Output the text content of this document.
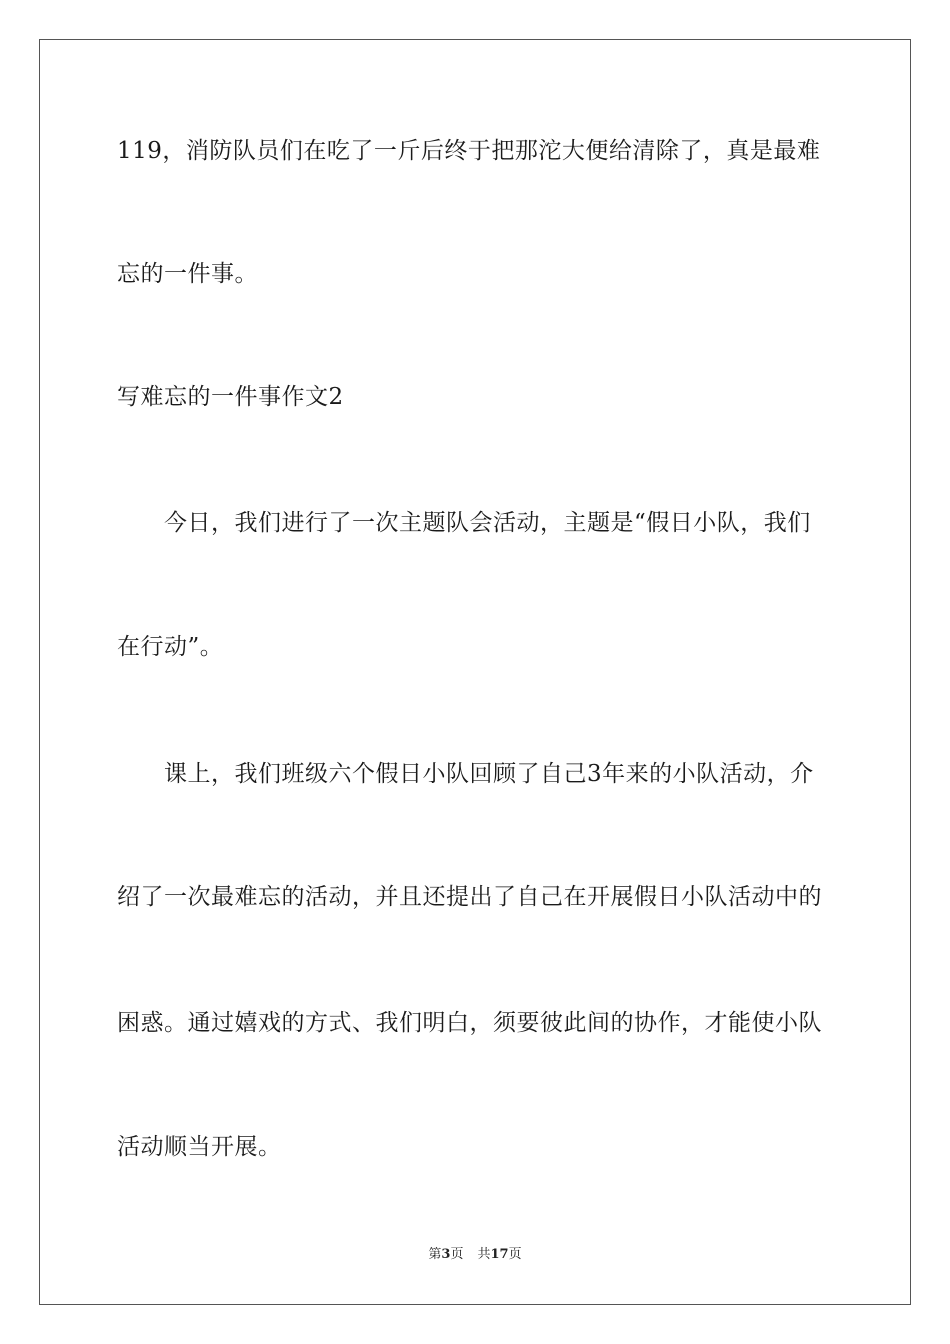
119，消防队员们在吃了一斤后终于把那沱大便给清除了，真是最难
忘的一件事。
写难忘的一件事作文2
今日，我们进行了一次主题队会活动，主题是“假日小队，我们
在行动”。
课上，我们班级六个假日小队回顾了自己3年来的小队活动，介
绍了一次最难忘的活动，并且还提出了自己在开展假日小队活动中的
困惑。通过嬉戏的方式、我们明白，须要彼此间的协作，才能使小队
活动顺当开展。
第3页 共17页
